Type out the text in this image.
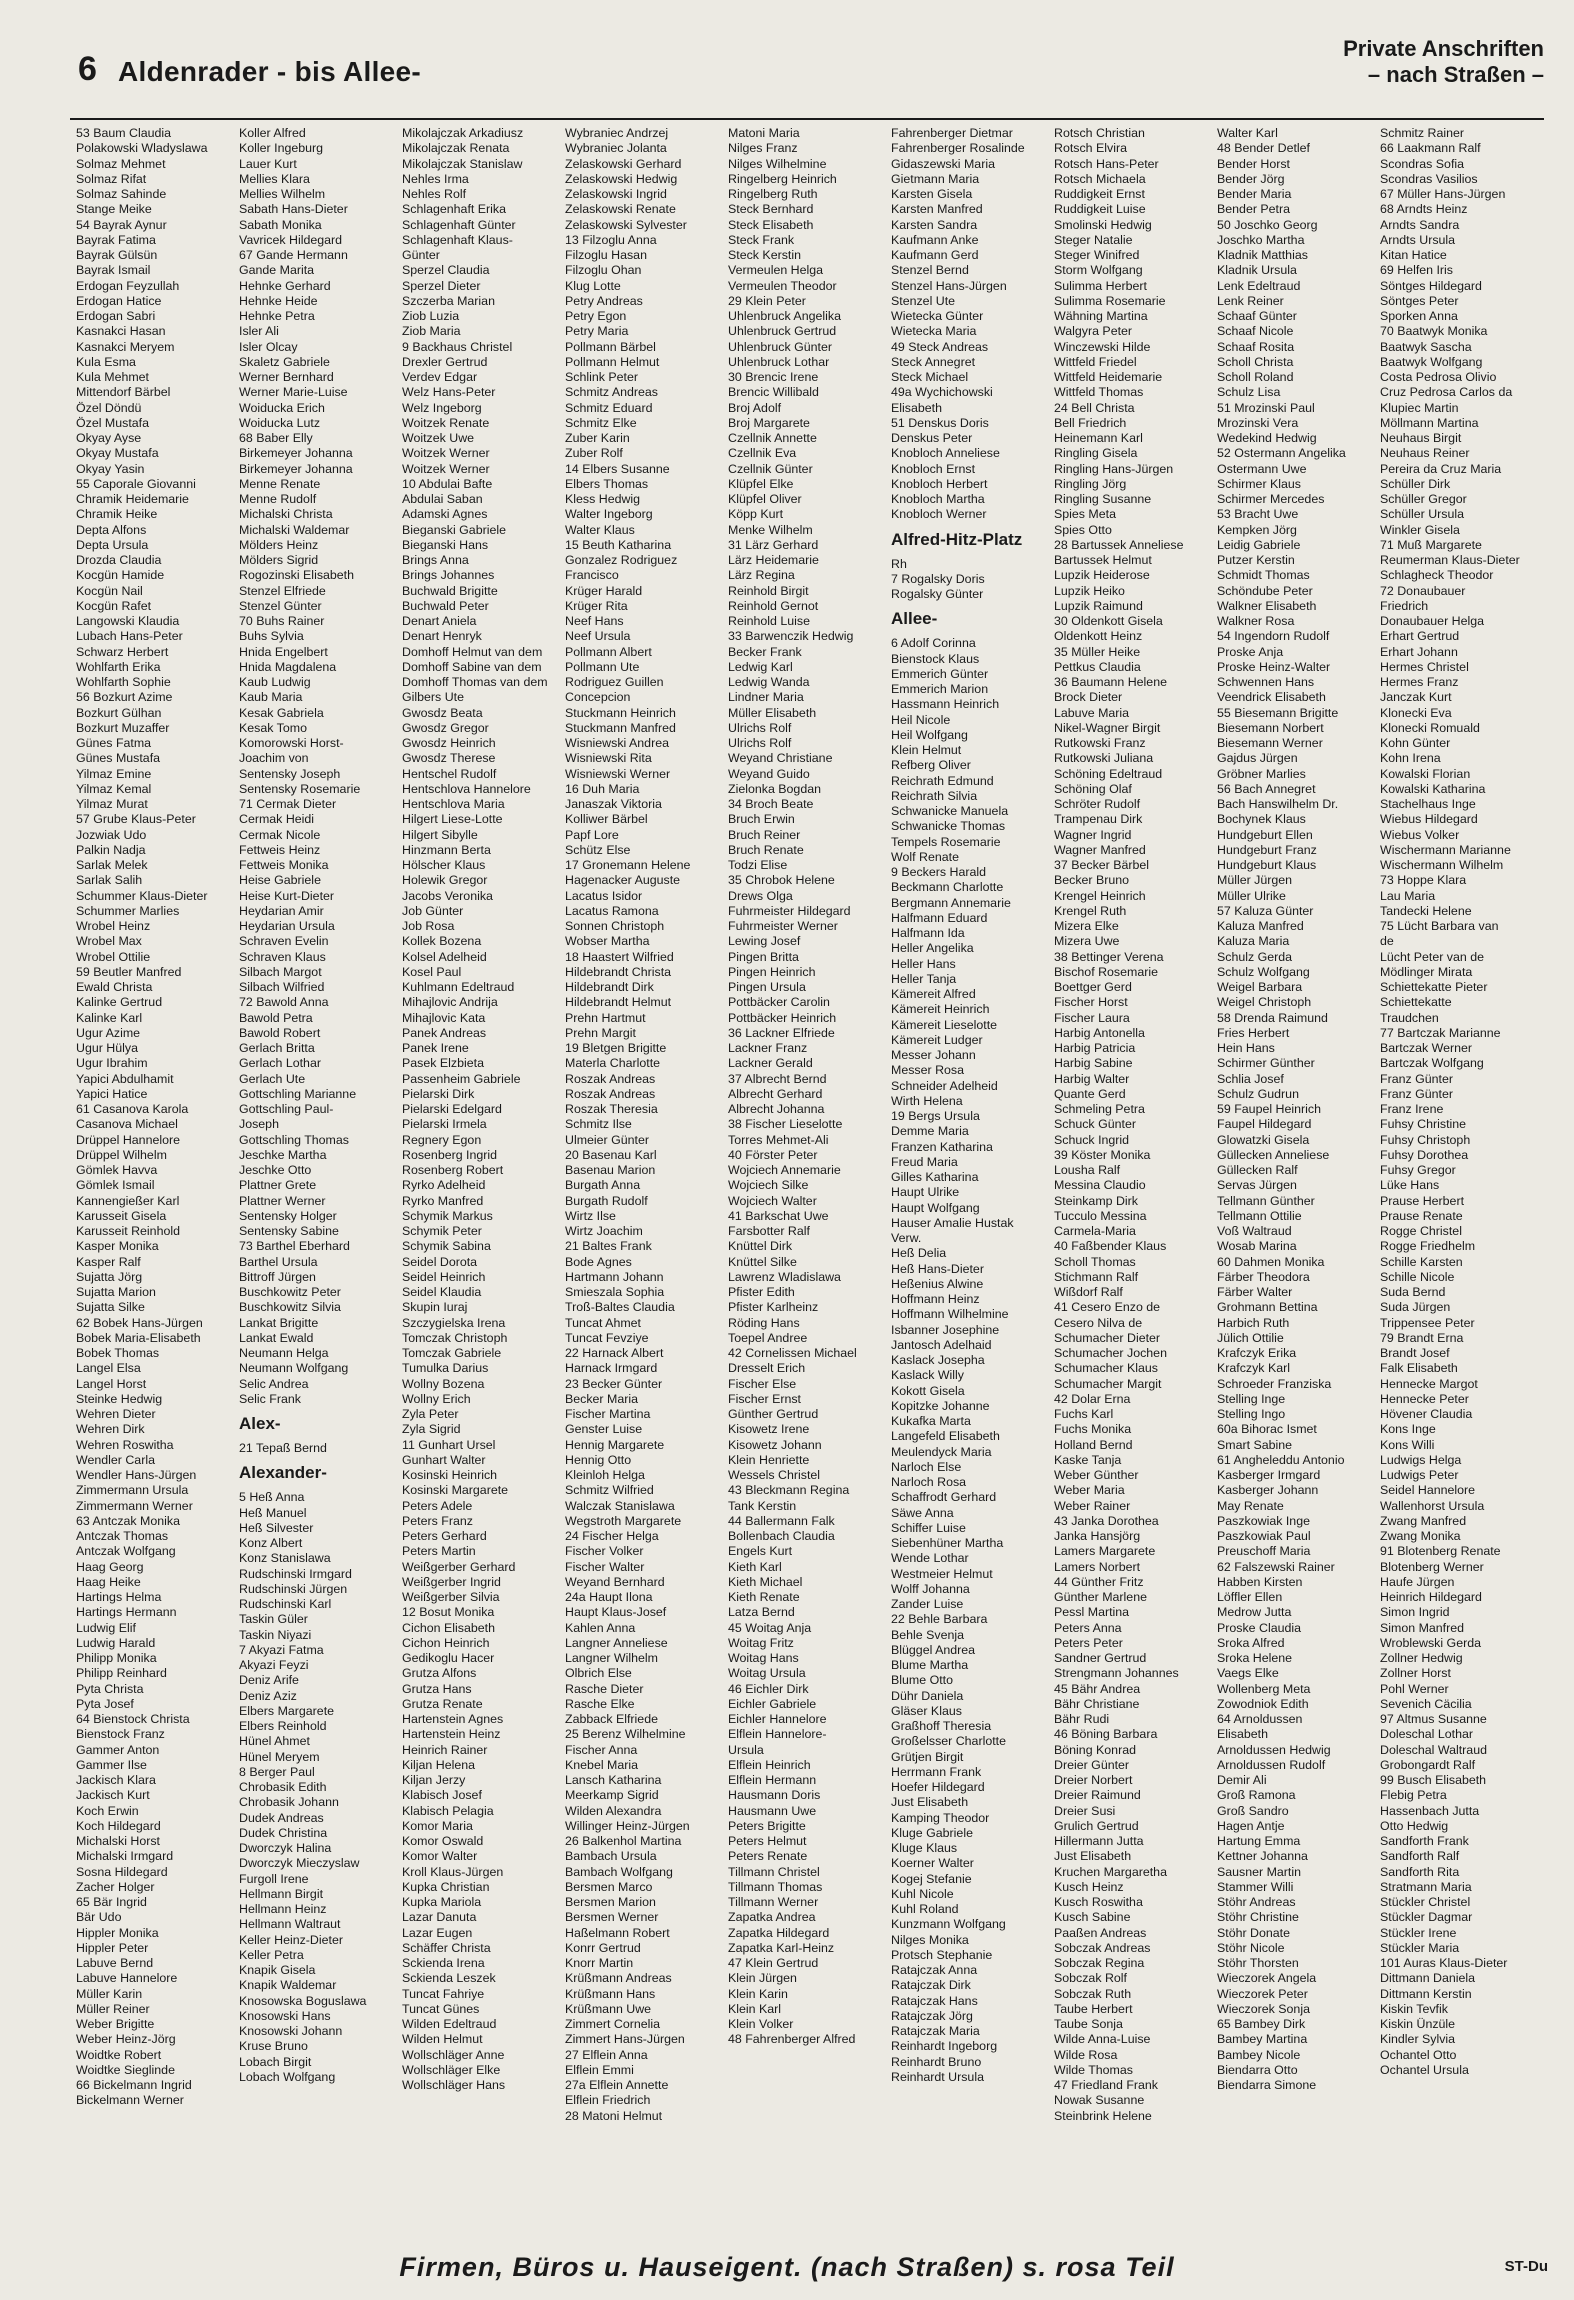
6 Aldenrader - bis Allee-
Private Anschriften
– nach Straßen –
53 Baum Claudia
Polakowski Wladyslawa
Solmaz Mehmet
Solmaz Rifat
Solmaz Sahinde
Stange Meike
54 Bayrak Aynur
Bayrak Fatima
Bayrak Gülsün
Bayrak Ismail
Erdogan Feyzullah
Erdogan Hatice
Erdogan Sabri
Kasnakci Hasan
Kasnakci Meryem
Kula Esma
Kula Mehmet
Mittendorf Bärbel
Özel Döndü
Özel Mustafa
Okyay Ayse
Okyay Mustafa
Okyay Yasin
55 Caporale Giovanni
Chramik Heidemarie
Chramik Heike
Depta Alfons
Depta Ursula
Drozda Claudia
Kocgün Hamide
Kocgün Nail
Kocgün Rafet
Langowski Klaudia
Lubach Hans-Peter
Schwarz Herbert
Wohlfarth Erika
Wohlfarth Sophie
56 Bozkurt Azime
Bozkurt Gülhan
Bozkurt Muzaffer
Günes Fatma
Günes Mustafa
Yilmaz Emine
Yilmaz Kemal
Yilmaz Murat
57 Grube Klaus-Peter
Jozwiak Udo
Palkin Nadja
Sarlak Melek
Sarlak Salih
Schummer Klaus-Dieter
Schummer Marlies
Wrobel Heinz
Wrobel Max
Wrobel Ottilie
59 Beutler Manfred
Ewald Christa
Kalinke Gertrud
Kalinke Karl
Ugur Azime
Ugur Hülya
Ugur Ibrahim
Yapici Abdulhamit
Yapici Hatice
61 Casanova Karola
Casanova Michael
Drüppel Hannelore
Drüppel Wilhelm
Gömlek Havva
Gömlek Ismail
Kannengießer Karl
Karusseit Gisela
Karusseit Reinhold
Kasper Monika
Kasper Ralf
Sujatta Jörg
Sujatta Marion
Sujatta Silke
62 Bobek Hans-Jürgen
Bobek Maria-Elisabeth
Bobek Thomas
Langel Elsa
Langel Horst
Steinke Hedwig
Wehren Dieter
Wehren Dirk
Wehren Roswitha
Wendler Carla
Wendler Hans-Jürgen
Zimmermann Ursula
Zimmermann Werner
63 Antczak Monika
Antczak Thomas
Antczak Wolfgang
Haag Georg
Haag Heike
Hartings Helma
Hartings Hermann
Ludwig Elif
Ludwig Harald
Philipp Monika
Philipp Reinhard
Pyta Christa
Pyta Josef
64 Bienstock Christa
Bienstock Franz
Gammer Anton
Gammer Ilse
Jackisch Klara
Jackisch Kurt
Koch Erwin
Koch Hildegard
Michalski Horst
Michalski Irmgard
Sosna Hildegard
Zacher Holger
65 Bär Ingrid
Bär Udo
Hippler Monika
Hippler Peter
Labuve Bernd
Labuve Hannelore
Müller Karin
Müller Reiner
Weber Brigitte
Weber Heinz-Jörg
Woidtke Robert
Woidtke Sieglinde
66 Bickelmann Ingrid
Bickelmann Werner
Koller Alfred
Koller Ingeburg
Lauer Kurt
Mellies Klara
Mellies Wilhelm
Sabath Hans-Dieter
Sabath Monika
Vavricek Hildegard
67 Gande Hermann
Gande Marita
Hehnke Gerhard
Hehnke Heide
Hehnke Petra
Isler Ali
Isler Olcay
Skaletz Gabriele
Werner Bernhard
Werner Marie-Luise
Woiducka Erich
Woiducka Lutz
68 Baber Elly
Birkemeyer Johanna
Birkemeyer Johanna
Menne Renate
Menne Rudolf
Michalski Christa
Michalski Waldemar
Mölders Heinz
Mölders Sigrid
Rogozinski Elisabeth
Stenzel Elfriede
Stenzel Günter
70 Buhs Rainer
Buhs Sylvia
Hnida Engelbert
Hnida Magdalena
Kaub Ludwig
Kaub Maria
Kesak Gabriela
Kesak Tomo
Komorowski Horst-
Joachim von
Sentensky Joseph
Sentensky Rosemarie
71 Cermak Dieter
Cermak Heidi
Cermak Nicole
Fettweis Heinz
Fettweis Monika
Heise Gabriele
Heise Kurt-Dieter
Heydarian Amir
Heydarian Ursula
Schraven Evelin
Schraven Klaus
Silbach Margot
Silbach Wilfried
72 Bawold Anna
Bawold Petra
Bawold Robert
Gerlach Britta
Gerlach Lothar
Gerlach Ute
Gottschling Marianne
Gottschling Paul-
Joseph
Gottschling Thomas
Jeschke Martha
Jeschke Otto
Plattner Grete
Plattner Werner
Sentensky Holger
Sentensky Sabine
73 Barthel Eberhard
Barthel Ursula
Bittroff Jürgen
Buschkowitz Peter
Buschkowitz Silvia
Lankat Brigitte
Lankat Ewald
Neumann Helga
Neumann Wolfgang
Selic Andrea
Selic Frank
Alex-
21 Tepaß Bernd
Alexander-
5 Heß Anna
Heß Manuel
Heß Silvester
Konz Albert
Konz Stanislawa
Rudschinski Irmgard
Rudschinski Jürgen
Rudschinski Karl
Taskin Güler
Taskin Niyazi
7 Akyazi Fatma
Akyazi Feyzi
Deniz Arife
Deniz Aziz
Elbers Margarete
Elbers Reinhold
Hünel Ahmet
Hünel Meryem
8 Berger Paul
Chrobasik Edith
Chrobasik Johann
Dudek Andreas
Dudek Christina
Dworczyk Halina
Dworczyk Mieczyslaw
Furgoll Irene
Hellmann Birgit
Hellmann Heinz
Hellmann Waltraut
Keller Heinz-Dieter
Keller Petra
Knapik Gisela
Knapik Waldemar
Knosowska Boguslawa
Knosowski Hans
Knosowski Johann
Kruse Bruno
Lobach Birgit
Lobach Wolfgang
Mikolajczak Arkadiusz
Mikolajczak Renata
Mikolajczak Stanislaw
Nehles Irma
Nehles Rolf
Schlagenhaft Erika
Schlagenhaft Günter
Schlagenhaft Klaus-
Günter
Sperzel Claudia
Sperzel Dieter
Szczerba Marian
Ziob Luzia
Ziob Maria
9 Backhaus Christel
Drexler Gertrud
Verdev Edgar
Welz Hans-Peter
Welz Ingeborg
Woitzek Renate
Woitzek Uwe
Woitzek Werner
Woitzek Werner
10 Abdulai Bafte
Abdulai Saban
Adamski Agnes
Bieganski Gabriele
Bieganski Hans
Brings Anna
Brings Johannes
Buchwald Brigitte
Buchwald Peter
Denart Aniela
Denart Henryk
Domhoff Helmut van dem
Domhoff Sabine van dem
Domhoff Thomas van dem
Gilbers Ute
Gwosdz Beata
Gwosdz Gregor
Gwosdz Heinrich
Gwosdz Therese
Hentschel Rudolf
Hentschlova Hannelore
Hentschlova Maria
Hilgert Liese-Lotte
Hilgert Sibylle
Hinzmann Berta
Hölscher Klaus
Holewik Gregor
Jacobs Veronika
Job Günter
Job Rosa
Kollek Bozena
Kolsel Adelheid
Kosel Paul
Kuhlmann Edeltraud
Mihajlovic Andrija
Mihajlovic Kata
Panek Andreas
Panek Irene
Pasek Elzbieta
Passenheim Gabriele
Pielarski Dirk
Pielarski Edelgard
Pielarski Irmela
Regnery Egon
Rosenberg Ingrid
Rosenberg Robert
Ryrko Adelheid
Ryrko Manfred
Schymik Markus
Schymik Peter
Schymik Sabina
Seidel Dorota
Seidel Heinrich
Seidel Klaudia
Skupin Iuraj
Szczygielska Irena
Tomczak Christoph
Tomczak Gabriele
Tumulka Darius
Wollny Bozena
Wollny Erich
Zyla Peter
Zyla Sigrid
11 Gunhart Ursel
Gunhart Walter
Kosinski Heinrich
Kosinski Margarete
Peters Adele
Peters Franz
Peters Gerhard
Peters Martin
Weißgerber Gerhard
Weißgerber Ingrid
Weißgerber Silvia
12 Bosut Monika
Cichon Elisabeth
Cichon Heinrich
Gedikoglu Hacer
Grutza Alfons
Grutza Hans
Grutza Renate
Hartenstein Agnes
Hartenstein Heinz
Heinrich Rainer
Kiljan Helena
Kiljan Jerzy
Klabisch Josef
Klabisch Pelagia
Komor Maria
Komor Oswald
Komor Walter
Kroll Klaus-Jürgen
Kupka Christian
Kupka Mariola
Lazar Danuta
Lazar Eugen
Schäffer Christa
Sckienda Irena
Sckienda Leszek
Tuncat Fahriye
Tuncat Günes
Wilden Edeltraud
Wilden Helmut
Wollschläger Anne
Wollschläger Elke
Wollschläger Hans
Wybraniec Andrzej
Wybraniec Jolanta
Zelaskowski Gerhard
Zelaskowski Hedwig
Zelaskowski Ingrid
Zelaskowski Renate
Zelaskowski Sylvester
13 Filzoglu Anna
Filzoglu Hasan
Filzoglu Ohan
Klug Lotte
Petry Andreas
Petry Egon
Petry Maria
Pollmann Bärbel
Pollmann Helmut
Schlink Peter
Schmitz Andreas
Schmitz Eduard
Schmitz Elke
Zuber Karin
Zuber Rolf
14 Elbers Susanne
Elbers Thomas
Kless Hedwig
Walter Ingeborg
Walter Klaus
15 Beuth Katharina
Gonzalez Rodriguez
Francisco
Krüger Harald
Krüger Rita
Neef Hans
Neef Ursula
Pollmann Albert
Pollmann Ute
Rodriguez Guillen
Concepcion
Stuckmann Heinrich
Stuckmann Manfred
Wisniewski Andrea
Wisniewski Rita
Wisniewski Werner
16 Duh Maria
Janaszak Viktoria
Kolliwer Bärbel
Papf Lore
Schütz Else
17 Gronemann Helene
Hagenacker Auguste
Lacatus Isidor
Lacatus Ramona
Sonnen Christoph
Wobser Martha
18 Haastert Wilfried
Hildebrandt Christa
Hildebrandt Dirk
Hildebrandt Helmut
Prehn Hartmut
Prehn Margit
19 Bletgen Brigitte
Materla Charlotte
Roszak Andreas
Roszak Andreas
Roszak Theresia
Schmitz Ilse
Ulmeier Günter
20 Basenau Karl
Basenau Marion
Burgath Anna
Burgath Rudolf
Wirtz Ilse
Wirtz Joachim
21 Baltes Frank
Bode Agnes
Hartmann Johann
Smieszala Sophia
Troß-Baltes Claudia
Tuncat Ahmet
Tuncat Fevziye
22 Harnack Albert
Harnack Irmgard
23 Becker Günter
Becker Maria
Fischer Martina
Genster Luise
Hennig Margarete
Hennig Otto
Kleinloh Helga
Schmitz Wilfried
Walczak Stanislawa
Wegstroth Margarete
24 Fischer Helga
Fischer Volker
Fischer Walter
Weyand Bernhard
24a Haupt Ilona
Haupt Klaus-Josef
Kahlen Anna
Langner Anneliese
Langner Wilhelm
Olbrich Else
Rasche Dieter
Rasche Elke
Zabback Elfriede
25 Berenz Wilhelmine
Fischer Anna
Knebel Maria
Lansch Katharina
Meerkamp Sigrid
Wilden Alexandra
Willinger Heinz-Jürgen
26 Balkenhol Martina
Bambach Ursula
Bambach Wolfgang
Bersmen Marco
Bersmen Marion
Bersmen Werner
Haßelmann Robert
Konrr Gertrud
Knorr Martin
Krüßmann Andreas
Krüßmann Hans
Krüßmann Uwe
Zimmert Cornelia
Zimmert Hans-Jürgen
27 Elflein Anna
Elflein Emmi
27a Elflein Annette
Elflein Friedrich
28 Matoni Helmut
Matoni Maria
Nilges Franz
Nilges Wilhelmine
Ringelberg Heinrich
Ringelberg Ruth
Steck Bernhard
Steck Elisabeth
Steck Frank
Steck Kerstin
Vermeulen Helga
Vermeulen Theodor
29 Klein Peter
Uhlenbruck Angelika
Uhlenbruck Gertrud
Uhlenbruck Günter
Uhlenbruck Lothar
30 Brencic Irene
Brencic Willibald
Broj Adolf
Broj Margarete
Czellnik Annette
Czellnik Eva
Czellnik Günter
Klüpfel Elke
Klüpfel Oliver
Köpp Kurt
Menke Wilhelm
31 Lärz Gerhard
Lärz Heidemarie
Lärz Regina
Reinhold Birgit
Reinhold Gernot
Reinhold Luise
33 Barwenczik Hedwig
Becker Frank
Ledwig Karl
Ledwig Wanda
Lindner Maria
Müller Elisabeth
Ulrichs Rolf
Ulrichs Rolf
Weyand Christiane
Weyand Guido
Zielonka Bogdan
34 Broch Beate
Bruch Erwin
Bruch Reiner
Bruch Renate
Todzi Elise
35 Chrobok Helene
Drews Olga
Fuhrmeister Hildegard
Fuhrmeister Werner
Lewing Josef
Pingen Britta
Pingen Heinrich
Pingen Ursula
Pottbäcker Carolin
Pottbäcker Heinrich
36 Lackner Elfriede
Lackner Franz
Lackner Gerald
37 Albrecht Bernd
Albrecht Gerhard
Albrecht Johanna
38 Fischer Lieselotte
Torres Mehmet-Ali
40 Förster Peter
Wojciech Annemarie
Wojciech Silke
Wojciech Walter
41 Barkschat Uwe
Farsbotter Ralf
Knüttel Dirk
Knüttel Silke
Lawrenz Wladislawa
Pfister Edith
Pfister Karlheinz
Röding Hans
Toepel Andree
42 Cornelissen Michael
Dresselt Erich
Fischer Else
Fischer Ernst
Günther Gertrud
Kisowetz Irene
Kisowetz Johann
Klein Henriette
Wessels Christel
43 Bleckmann Regina
Tank Kerstin
44 Ballermann Falk
Bollenbach Claudia
Engels Kurt
Kieth Karl
Kieth Michael
Kieth Renate
Latza Bernd
45 Woitag Anja
Woitag Fritz
Woitag Hans
Woitag Ursula
46 Eichler Dirk
Eichler Gabriele
Eichler Hannelore
Elflein Hannelore-
Ursula
Elflein Heinrich
Elflein Hermann
Hausmann Doris
Hausmann Uwe
Peters Brigitte
Peters Helmut
Peters Renate
Tillmann Christel
Tillmann Thomas
Tillmann Werner
Zapatka Andrea
Zapatka Hildegard
Zapatka Karl-Heinz
47 Klein Gertrud
Klein Jürgen
Klein Karin
Klein Karl
Klein Volker
48 Fahrenberger Alfred
Fahrenberger Dietmar
Fahrenberger Rosalinde
Gidaszewski Maria
Gietmann Maria
Karsten Gisela
Karsten Manfred
Karsten Sandra
Kaufmann Anke
Kaufmann Gerd
Stenzel Bernd
Stenzel Hans-Jürgen
Stenzel Ute
Wietecka Günter
Wietecka Maria
49 Steck Andreas
Steck Annegret
Steck Michael
49a Wychichowski
Elisabeth
51 Denskus Doris
Denskus Peter
Knobloch Anneliese
Knobloch Ernst
Knobloch Herbert
Knobloch Martha
Knobloch Werner
Alfred-Hitz-Platz
Rh
7 Rogalsky Doris
Rogalsky Günter
Allee-
6 Adolf Corinna
Bienstock Klaus
Emmerich Günter
Emmerich Marion
Hassmann Heinrich
Heil Nicole
Heil Wolfgang
Klein Helmut
Refberg Oliver
Reichrath Edmund
Reichrath Silvia
Schwanicke Manuela
Schwanicke Thomas
Tempels Rosemarie
Wolf Renate
9 Beckers Harald
Beckmann Charlotte
Bergmann Annemarie
Halfmann Eduard
Halfmann Ida
Heller Angelika
Heller Hans
Heller Tanja
Kämereit Alfred
Kämereit Heinrich
Kämereit Lieselotte
Kämereit Ludger
Messer Johann
Messer Rosa
Schneider Adelheid
Wirth Helena
19 Bergs Ursula
Demme Maria
Franzen Katharina
Freud Maria
Gilles Katharina
Haupt Ulrike
Haupt Wolfgang
Hauser Amalie Hustak
Verw.
Heß Delia
Heß Hans-Dieter
Heßenius Alwine
Hoffmann Heinz
Hoffmann Wilhelmine
Isbanner Josephine
Jantosch Adelhaid
Kaslack Josepha
Kaslack Willy
Kokott Gisela
Kopitzke Johanne
Kukafka Marta
Langefeld Elisabeth
Meulendyck Maria
Narloch Else
Narloch Rosa
Schaffrodt Gerhard
Säwe Anna
Schiffer Luise
Siebenhüner Martha
Wende Lothar
Westmeier Helmut
Wolff Johanna
Zander Luise
22 Behle Barbara
Behle Svenja
Blüggel Andrea
Blume Martha
Blume Otto
Dühr Daniela
Gläser Klaus
Graßhoff Theresia
Großelsser Charlotte
Grütjen Birgit
Herrmann Frank
Hoefer Hildegard
Just Elisabeth
Kamping Theodor
Kluge Gabriele
Kluge Klaus
Koerner Walter
Kogej Stefanie
Kuhl Nicole
Kuhl Roland
Kunzmann Wolfgang
Nilges Monika
Protsch Stephanie
Ratajczak Anna
Ratajczak Dirk
Ratajczak Hans
Ratajczak Jörg
Ratajczak Maria
Reinhardt Ingeborg
Reinhardt Bruno
Reinhardt Ursula
Rotsch Christian
Rotsch Elvira
Rotsch Hans-Peter
Rotsch Michaela
Ruddigkeit Ernst
Ruddigkeit Luise
Smolinski Hedwig
Steger Natalie
Steger Winifred
Storm Wolfgang
Sulimma Herbert
Sulimma Rosemarie
Wähning Martina
Walgyra Peter
Winczewski Hilde
Wittfeld Friedel
Wittfeld Heidemarie
Wittfeld Thomas
24 Bell Christa
Bell Friedrich
Heinemann Karl
Ringling Gisela
Ringling Hans-Jürgen
Ringling Jörg
Ringling Susanne
Spies Meta
Spies Otto
28 Bartussek Anneliese
Bartussek Helmut
Lupzik Heiderose
Lupzik Heiko
Lupzik Raimund
30 Oldenkott Gisela
Oldenkott Heinz
35 Müller Heike
Pettkus Claudia
36 Baumann Helene
Brock Dieter
Labuve Maria
Nikel-Wagner Birgit
Rutkowski Franz
Rutkowski Juliana
Schöning Edeltraud
Schöning Olaf
Schröter Rudolf
Trampenau Dirk
Wagner Ingrid
Wagner Manfred
37 Becker Bärbel
Becker Bruno
Krengel Heinrich
Krengel Ruth
Mizera Elke
Mizera Uwe
38 Bettinger Verena
Bischof Rosemarie
Boettger Gerd
Fischer Horst
Fischer Laura
Harbig Antonella
Harbig Patricia
Harbig Sabine
Harbig Walter
Quante Gerd
Schmeling Petra
Schuck Günter
Schuck Ingrid
39 Köster Monika
Lousha Ralf
Messina Claudio
Steinkamp Dirk
Tucculo Messina
Carmela-Maria
40 Faßbender Klaus
Scholl Thomas
Stichmann Ralf
Wißdorf Ralf
41 Cesero Enzo de
Cesero Nilva de
Schumacher Dieter
Schumacher Jochen
Schumacher Klaus
Schumacher Margit
42 Dolar Erna
Fuchs Karl
Fuchs Monika
Holland Bernd
Kaske Tanja
Weber Günther
Weber Maria
Weber Rainer
43 Janka Dorothea
Janka Hansjörg
Lamers Margarete
Lamers Norbert
44 Günther Fritz
Günther Marlene
Pessl Martina
Peters Anna
Peters Peter
Sandner Gertrud
Strengmann Johannes
45 Bähr Andrea
Bähr Christiane
Bähr Rudi
46 Böning Barbara
Böning Konrad
Dreier Günter
Dreier Norbert
Dreier Raimund
Dreier Susi
Grulich Gertrud
Hillermann Jutta
Just Elisabeth
Kruchen Margaretha
Kusch Heinz
Kusch Roswitha
Kusch Sabine
Paaßen Andreas
Sobczak Andreas
Sobczak Regina
Sobczak Rolf
Sobczak Ruth
Taube Herbert
Taube Sonja
Wilde Anna-Luise
Wilde Rosa
Wilde Thomas
47 Friedland Frank
Nowak Susanne
Steinbrink Helene
Walter Karl
48 Bender Detlef
Bender Horst
Bender Jörg
Bender Maria
Bender Petra
50 Joschko Georg
Joschko Martha
Kladnik Matthias
Kladnik Ursula
Lenk Edeltraud
Lenk Reiner
Schaaf Günter
Schaaf Nicole
Schaaf Rosita
Scholl Christa
Scholl Roland
Schulz Lisa
51 Mrozinski Paul
Mrozinski Vera
Wedekind Hedwig
52 Ostermann Angelika
Ostermann Uwe
Schirmer Klaus
Schirmer Mercedes
53 Bracht Uwe
Kempken Jörg
Leidig Gabriele
Putzer Kerstin
Schmidt Thomas
Schöndube Peter
Walkner Elisabeth
Walkner Rosa
54 Ingendorn Rudolf
Proske Anja
Proske Heinz-Walter
Schwennen Hans
Veendrick Elisabeth
55 Biesemann Brigitte
Biesemann Norbert
Biesemann Werner
Gajdus Jürgen
Gröbner Marlies
56 Bach Annegret
Bach Hanswilhelm Dr.
Bochynek Klaus
Hundgeburt Ellen
Hundgeburt Franz
Hundgeburt Klaus
Müller Jürgen
Müller Ulrike
57 Kaluza Günter
Kaluza Manfred
Kaluza Maria
Schulz Gerda
Schulz Wolfgang
Weigel Barbara
Weigel Christoph
58 Drenda Raimund
Fries Herbert
Hein Hans
Schirmer Günther
Schlia Josef
Schulz Gudrun
59 Faupel Heinrich
Faupel Hildegard
Glowatzki Gisela
Güllecken Anneliese
Güllecken Ralf
Servas Jürgen
Tellmann Günther
Tellmann Ottilie
Voß Waltraud
Wosab Marina
60 Dahmen Monika
Färber Theodora
Färber Walter
Grohmann Bettina
Harbich Ruth
Jülich Ottilie
Krafczyk Erika
Krafczyk Karl
Schroeder Franziska
Stelling Inge
Stelling Ingo
60a Bihorac Ismet
Smart Sabine
61 Angheleddu Antonio
Kasberger Irmgard
Kasberger Johann
May Renate
Paszkowiak Inge
Paszkowiak Paul
Preuschoff Maria
62 Falszewski Rainer
Habben Kirsten
Löffler Ellen
Medrow Jutta
Proske Claudia
Sroka Alfred
Sroka Helene
Vaegs Elke
Wollenberg Meta
Zowodniok Edith
64 Arnoldussen
Elisabeth
Arnoldussen Hedwig
Arnoldussen Rudolf
Demir Ali
Groß Ramona
Groß Sandro
Hagen Antje
Hartung Emma
Kettner Johanna
Sausner Martin
Stammer Willi
Stöhr Andreas
Stöhr Christine
Stöhr Donate
Stöhr Nicole
Stöhr Thorsten
Wieczorek Angela
Wieczorek Peter
Wieczorek Sonja
65 Bambey Dirk
Bambey Martina
Bambey Nicole
Biendarra Otto
Biendarra Simone
Schmitz Rainer
66 Laakmann Ralf
Scondras Sofia
Scondras Vasilios
67 Müller Hans-Jürgen
68 Arndts Heinz
Arndts Sandra
Arndts Ursula
Kitan Hatice
69 Helfen Iris
Söntges Hildegard
Söntges Peter
Sporken Anna
70 Baatwyk Monika
Baatwyk Sascha
Baatwyk Wolfgang
Costa Pedrosa Olivio
Cruz Pedrosa Carlos da
Klupiec Martin
Möllmann Martina
Neuhaus Birgit
Neuhaus Reiner
Pereira da Cruz Maria
Schüller Dirk
Schüller Gregor
Schüller Ursula
Winkler Gisela
71 Muß Margarete
Reumerman Klaus-Dieter
Schlagheck Theodor
72 Donaubauer
Friedrich
Donaubauer Helga
Erhart Gertrud
Erhart Johann
Hermes Christel
Hermes Franz
Janczak Kurt
Klonecki Eva
Klonecki Romuald
Kohn Günter
Kohn Irena
Kowalski Florian
Kowalski Katharina
Stachelhaus Inge
Wiebus Hildegard
Wiebus Volker
Wischermann Marianne
Wischermann Wilhelm
73 Hoppe Klara
Lau Maria
Tandecki Helene
75 Lücht Barbara van
de
Lücht Peter van de
Mödlinger Mirata
Schiettekatte Pieter
Schiettekatte
Traudchen
77 Bartczak Marianne
Bartczak Werner
Bartczak Wolfgang
Franz Günter
Franz Günter
Franz Irene
Fuhsy Christine
Fuhsy Christoph
Fuhsy Dorothea
Fuhsy Gregor
Lüke Hans
Prause Herbert
Prause Renate
Rogge Christel
Rogge Friedhelm
Schille Karsten
Schille Nicole
Suda Bernd
Suda Jürgen
Trippensee Peter
79 Brandt Erna
Brandt Josef
Falk Elisabeth
Hennecke Margot
Hennecke Peter
Hövener Claudia
Kons Inge
Kons Willi
Ludwigs Helga
Ludwigs Peter
Seidel Hannelore
Wallenhorst Ursula
Zwang Manfred
Zwang Monika
91 Blotenberg Renate
Blotenberg Werner
Haufe Jürgen
Heinrich Hildegard
Simon Ingrid
Simon Manfred
Wroblewski Gerda
Zollner Hedwig
Zollner Horst
Pohl Werner
Sevenich Cäcilia
97 Altmus Susanne
Doleschal Lothar
Doleschal Waltraud
Grobongardt Ralf
99 Busch Elisabeth
Flebig Petra
Hassenbach Jutta
Otto Hedwig
Sandforth Frank
Sandforth Ralf
Sandforth Rita
Stratmann Maria
Stückler Christel
Stückler Dagmar
Stückler Irene
Stückler Maria
101 Auras Klaus-Dieter
Dittmann Daniela
Dittmann Kerstin
Kiskin Tevfik
Kiskin Ünzüle
Kindler Sylvia
Ochantel Otto
Ochantel Ursula
Firmen, Büros u. Hauseigent. (nach Straßen) s. rosa Teil	ST-Du
